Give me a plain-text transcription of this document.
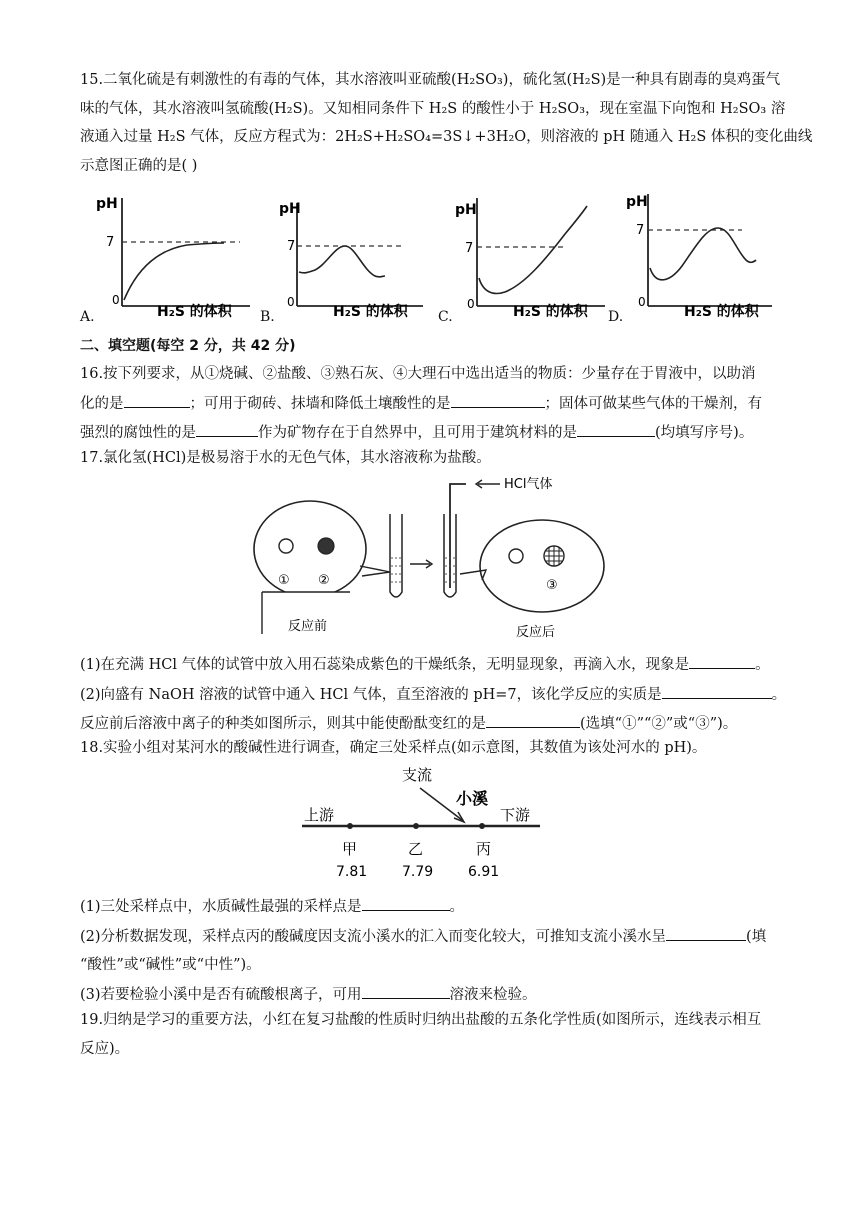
15.二氧化硫是有刺激性的有毒的气体，其水溶液叫亚硫酸(H₂SO₃)，硫化氢(H₂S)是一种具有剧毒的臭鸡蛋气
味的气体，其水溶液叫氢硫酸(H₂S)。又知相同条件下 H₂S 的酸性小于 H₂SO₃，现在室温下向饱和 H₂SO₃ 溶
液通入过量 H₂S 气体，反应方程式为：2H₂S+H₂SO₄=3S↓+3H₂O，则溶液的 pH 随通入 H₂S 体积的变化曲线
示意图正确的是( )
pH
7
0
H₂S 的体积
A.
pH
7
0
H₂S 的体积
B.
pH
7
0	H₂S 的体积
C.
pH
7
0
H₂S 的体积
D.
二、填空题(每空 2 分，共 42 分)
16.按下列要求，从①烧碱、②盐酸、③熟石灰、④大理石中选出适当的物质：少量存在于胃液中，以助消
化的是	；可用于砌砖、抹墙和降低土壤酸性的是	；固体可做某些气体的干燥剂，有
强烈的腐蚀性的是	作为矿物存在于自然界中，且可用于建筑材料的是	(均填写序号)。
17.氯化氢(HCl)是极易溶于水的无色气体，其水溶液称为盐酸。
① ②
反应前
HCl气体
③
反应后
(1)在充满 HCl 气体的试管中放入用石蕊染成紫色的干燥纸条，无明显现象，再滴入水，现象是	。
(2)向盛有 NaOH 溶液的试管中通入 HCl 气体，直至溶液的 pH=7，该化学反应的实质是	。
反应前后溶液中离子的种类如图所示，则其中能使酚酞变红的是	(选填“①”“②”或“③”)。
18.实验小组对某河水的酸碱性进行调查，确定三处采样点(如示意图，其数值为该处河水的 pH)。
支流
小溪
上游	下游
甲	乙	丙
7.81 7.79 6.91
(1)三处采样点中，水质碱性最强的采样点是	。
(2)分析数据发现，采样点丙的酸碱度因支流小溪水的汇入而变化较大，可推知支流小溪水呈	(填
“酸性”或“碱性”或“中性”)。
(3)若要检验小溪中是否有硫酸根离子，可用	溶液来检验。
19.归纳是学习的重要方法，小红在复习盐酸的性质时归纳出盐酸的五条化学性质(如图所示，连线表示相互
反应)。
